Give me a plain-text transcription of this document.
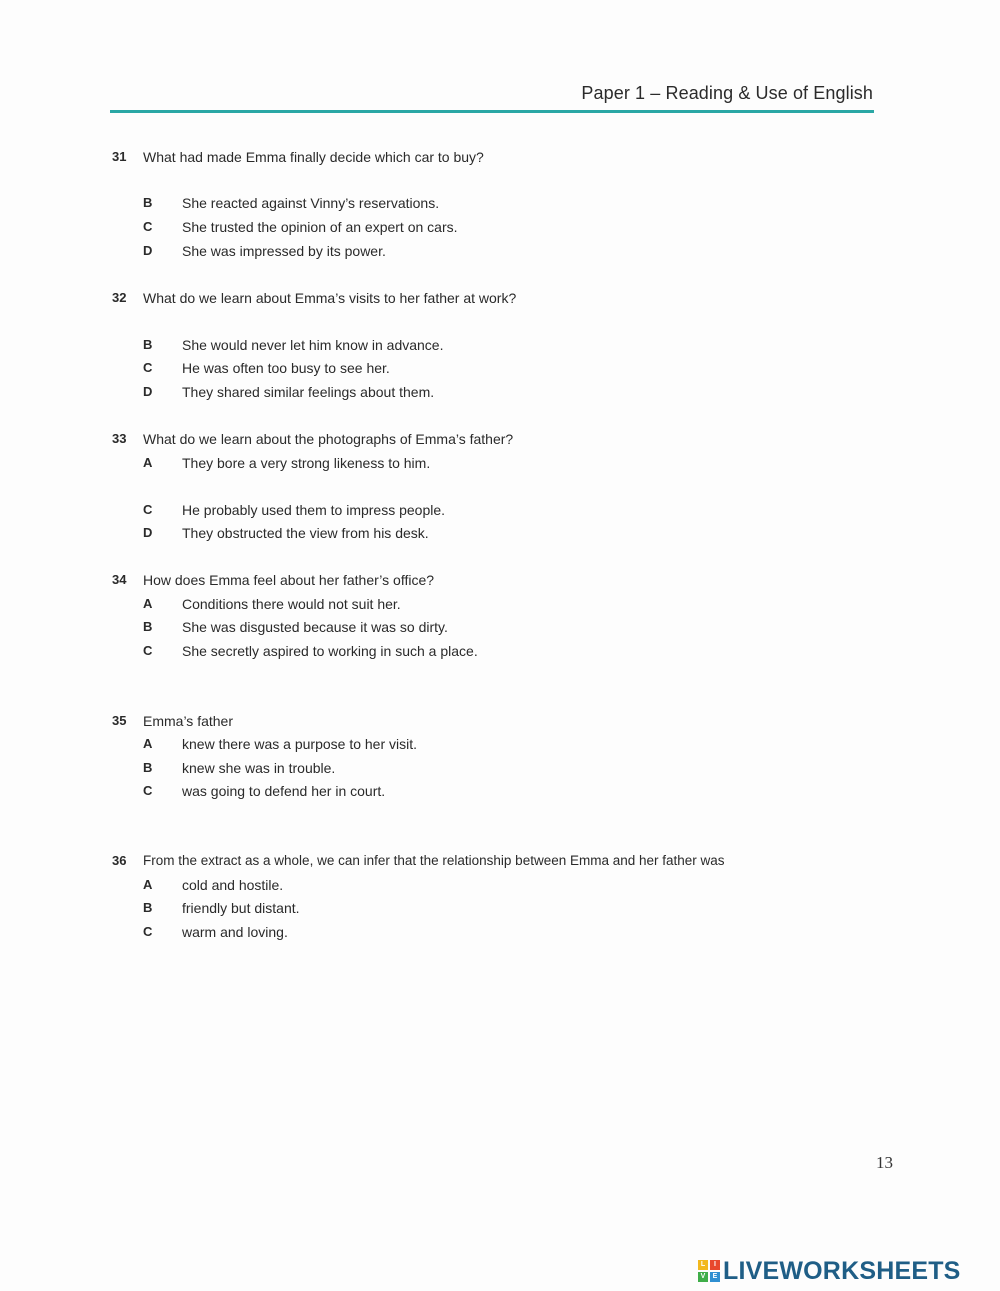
Paper 1 – Reading & Use of English
31 What had made Emma finally decide which car to buy?
B She reacted against Vinny’s reservations.
C She trusted the opinion of an expert on cars.
D She was impressed by its power.
32 What do we learn about Emma’s visits to her father at work?
B She would never let him know in advance.
C He was often too busy to see her.
D They shared similar feelings about them.
33 What do we learn about the photographs of Emma’s father?
A They bore a very strong likeness to him.
C He probably used them to impress people.
D They obstructed the view from his desk.
34 How does Emma feel about her father’s office?
A Conditions there would not suit her.
B She was disgusted because it was so dirty.
C She secretly aspired to working in such a place.
35 Emma’s father
A knew there was a purpose to her visit.
B knew she was in trouble.
C was going to defend her in court.
36 From the extract as a whole, we can infer that the relationship between Emma and her father was
A cold and hostile.
B friendly but distant.
C warm and loving.
13
L	I
V	E LIVEWORKSHEETS
